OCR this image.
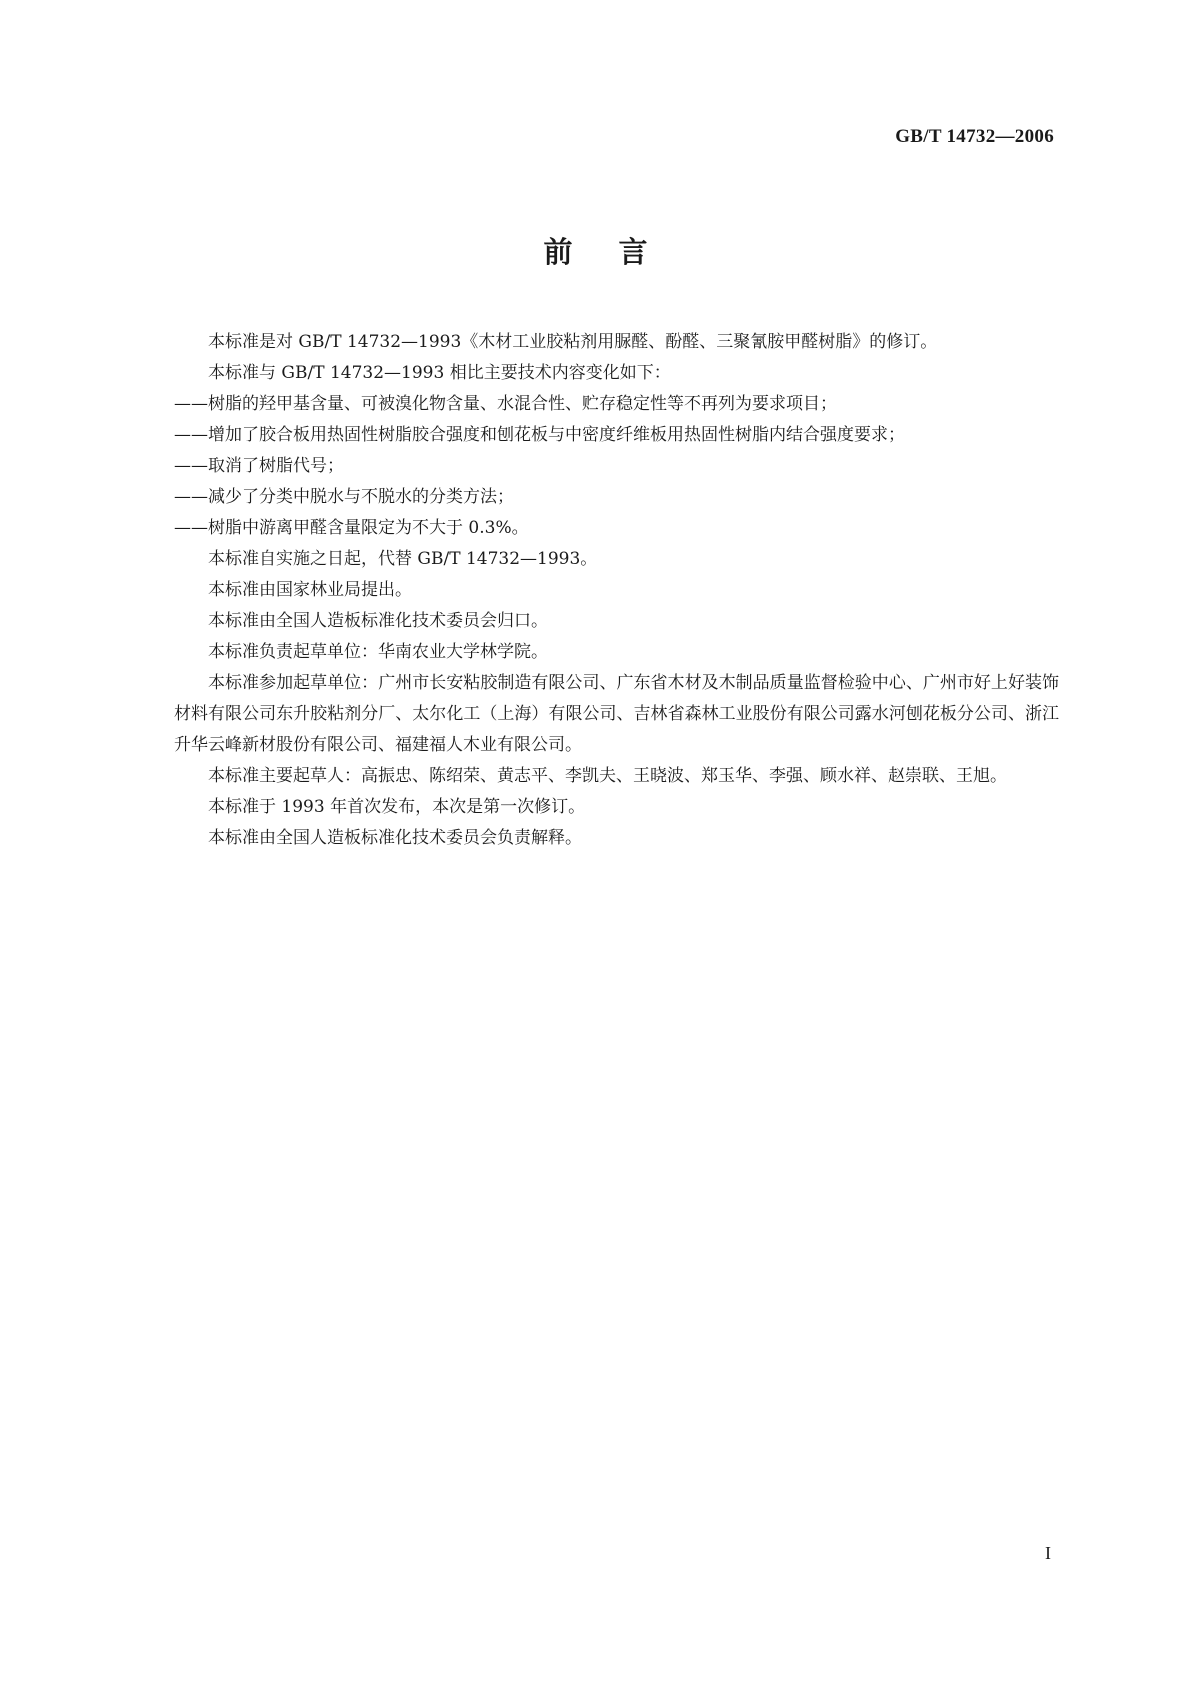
GB/T 14732—2006
前言

本标准是对 GB/T 14732—1993《木材工业胶粘剂用脲醛、酚醛、三聚氰胺甲醛树脂》的修订。

本标准与 GB/T 14732—1993 相比主要技术内容变化如下：

——树脂的羟甲基含量、可被溴化物含量、水混合性、贮存稳定性等不再列为要求项目；

——增加了胶合板用热固性树脂胶合强度和刨花板与中密度纤维板用热固性树脂内结合强度要求；

——取消了树脂代号；

——减少了分类中脱水与不脱水的分类方法；

——树脂中游离甲醛含量限定为不大于 0.3%。

本标准自实施之日起，代替 GB/T 14732—1993。

本标准由国家林业局提出。

本标准由全国人造板标准化技术委员会归口。

本标准负责起草单位：华南农业大学林学院。

本标准参加起草单位：广州市长安粘胶制造有限公司、广东省木材及木制品质量监督检验中心、广州市好上好装饰材料有限公司东升胶粘剂分厂、太尔化工（上海）有限公司、吉林省森林工业股份有限公司露水河刨花板分公司、浙江升华云峰新材股份有限公司、福建福人木业有限公司。

本标准主要起草人：高振忠、陈绍荣、黄志平、李凯夫、王晓波、郑玉华、李强、顾水祥、赵崇联、王旭。

本标准于 1993 年首次发布，本次是第一次修订。

本标准由全国人造板标准化技术委员会负责解释。

I
